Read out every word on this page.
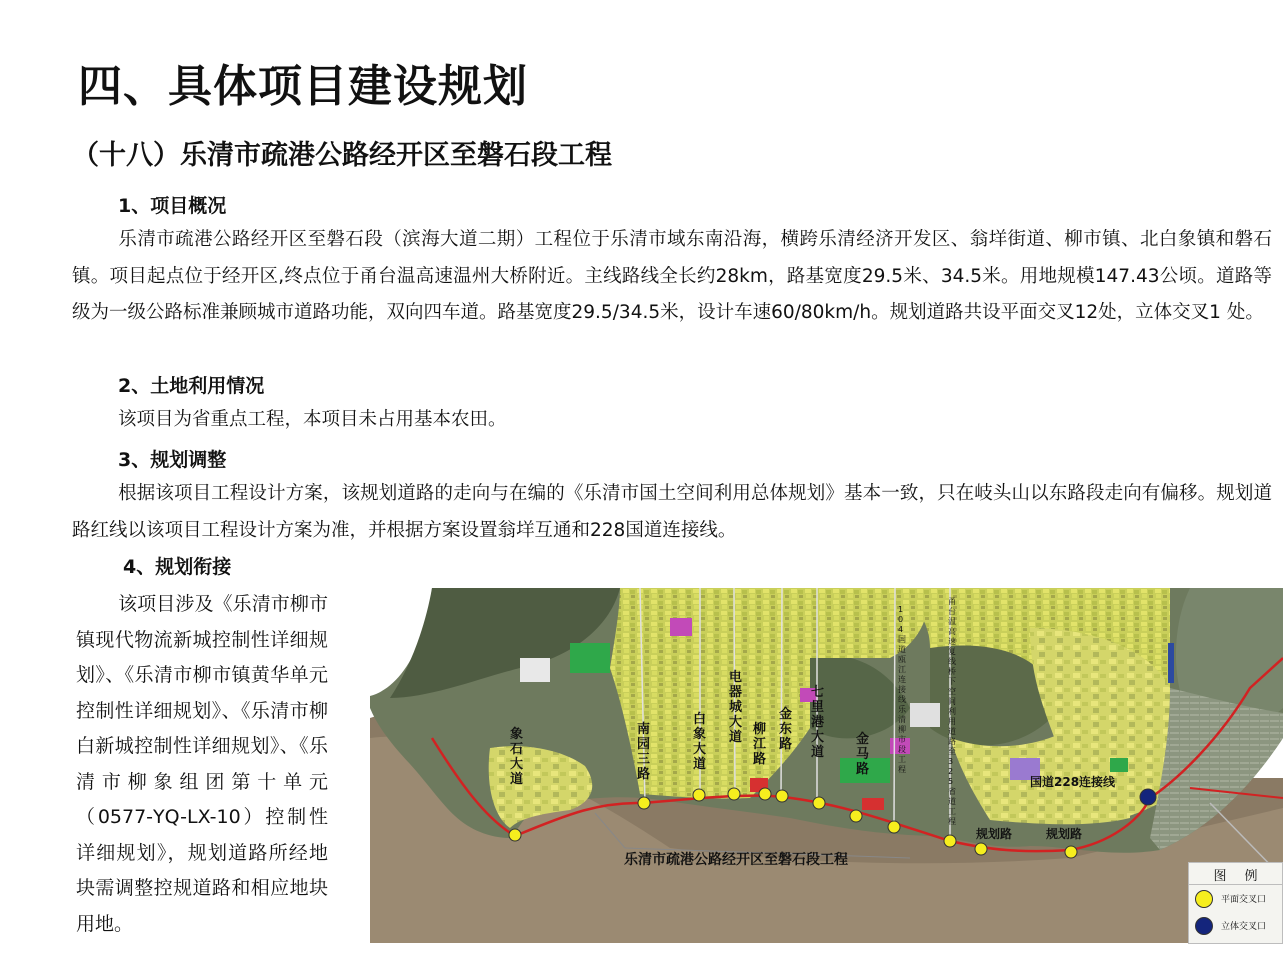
四、具体项目建设规划
（十八）乐清市疏港公路经开区至磐石段工程
1、项目概况
乐清市疏港公路经开区至磐石段（滨海大道二期）工程位于乐清市域东南沿海，横跨乐清经济开发区、翁垟街道、柳市镇、北白象镇和磐石镇。项目起点位于经开区,终点位于甬台温高速温州大桥附近。主线路线全长约28km，路基宽度29.5米、34.5米。用地规模147.43公顷。道路等级为一级公路标准兼顾城市道路功能，双向四车道。路基宽度29.5/34.5米，设计车速60/80km/h。规划道路共设平面交叉12处，立体交叉1 处。
2、土地利用情况
该项目为省重点工程，本项目未占用基本农田。
3、规划调整
根据该项目工程设计方案，该规划道路的走向与在编的《乐清市国土空间利用总体规划》基本一致，只在岐头山以东路段走向有偏移。规划道路红线以该项目工程设计方案为准，并根据方案设置翁垟互通和228国道连接线。
4、规划衔接
该项目涉及《乐清市柳市镇现代物流新城控制性详细规划》、《乐清市柳市镇黄华单元控制性详细规划》、《乐清市柳白新城控制性详细规划》、《乐清市柳象组团第十单元（0577-YQ-LX-10）控制性详细规划》，规划道路所经地块需调整控规道路和相应地块用地。
乐清市疏港公路经开区至磐石段工程
象石大道
南园三路
白象大道
电器城大道
柳江路
金东路
七里港大道
金马路
1 0 4 国道瓯江连接线乐清柳市段工程
甬台温高速复线桥下空间利用道路至 3 2 5 省道工程
规划路	规划路
国道228连接线
图例
平面交叉口
立体交叉口
